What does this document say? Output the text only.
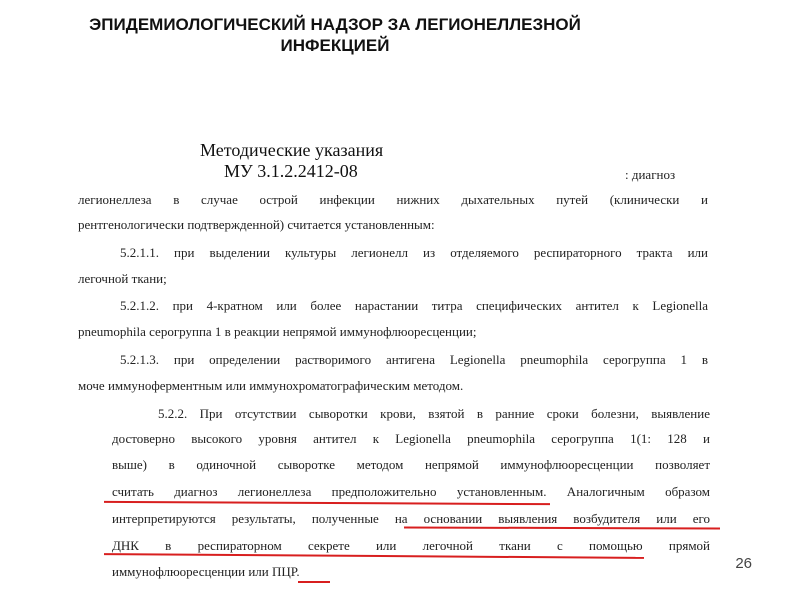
ЭПИДЕМИОЛОГИЧЕСКИЙ НАДЗОР ЗА ЛЕГИОНЕЛЛЕЗНОЙ
ИНФЕКЦИЕЙ
Методические указания
МУ 3.1.2.2412-08	: диагноз
легионеллеза в случае острой инфекции нижних дыхательных путей (клинически и
рентгенологически подтвержденной) считается установленным:
5.2.1.1. при выделении культуры легионелл из отделяемого респираторного тракта или
легочной ткани;
5.2.1.2. при 4-кратном или более нарастании титра специфических антител к Legionella
pneumophila серогруппа 1 в реакции непрямой иммунофлюоресценции;
5.2.1.3. при определении растворимого антигена Legionella pneumophila серогруппа 1 в
моче иммуноферментным или иммунохроматографическим методом.
5.2.2. При отсутствии сыворотки крови, взятой в ранние сроки болезни, выявление
достоверно высокого уровня антител к Legionella pneumophila серогруппа 1(1: 128 и
выше) в одиночной сыворотке методом непрямой иммунофлюоресценции позволяет
считать диагноз легионеллеза предположительно установленным. Аналогичным образом
интерпретируются результаты, полученные на основании выявления возбудителя или его
ДНК в респираторном секрете или легочной ткани с помощью прямой
иммунофлюоресценции или ПЦР.	26
